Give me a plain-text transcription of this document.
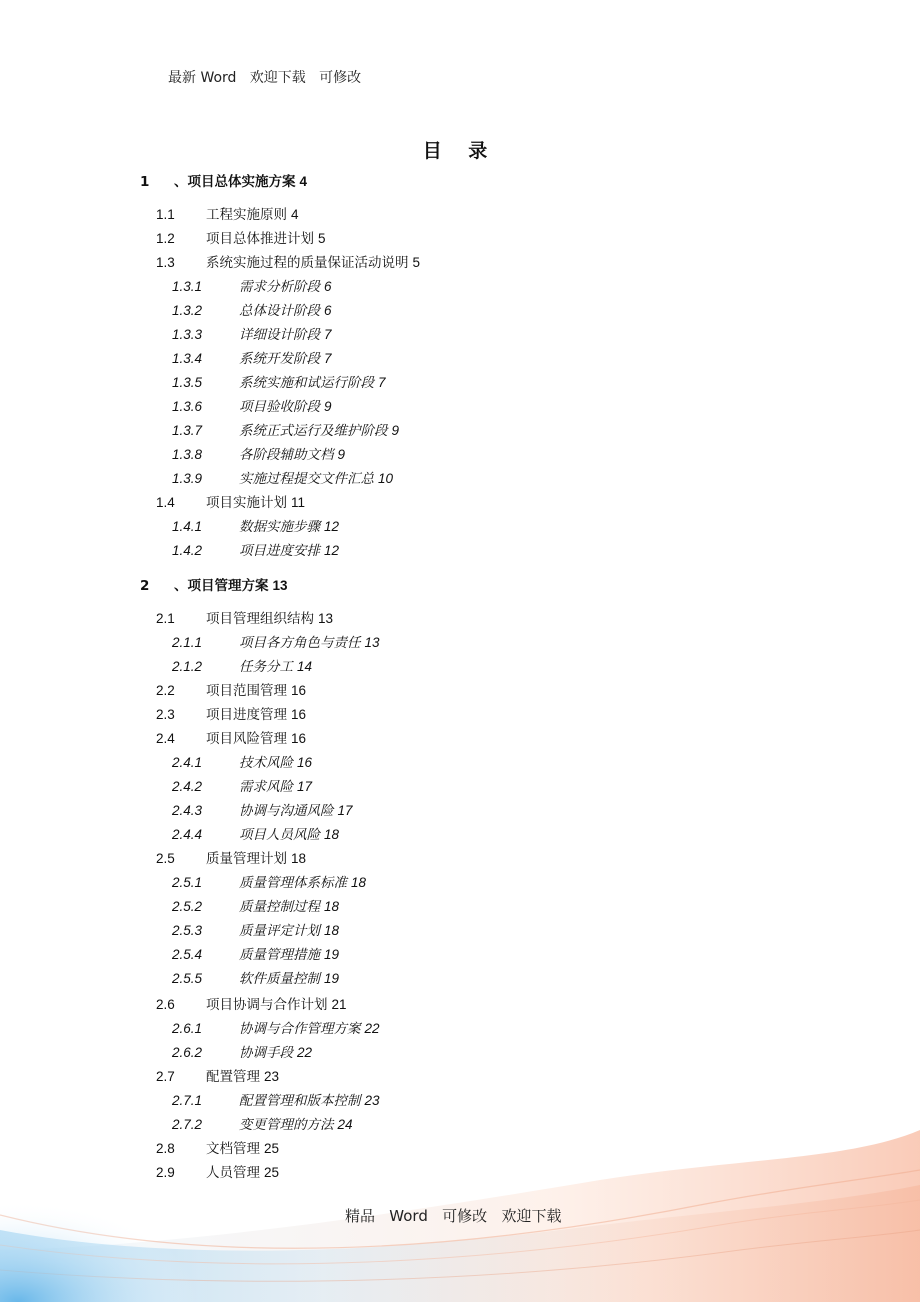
最新 Word   欢迎下载   可修改
目 录
1	、项目总体实施方案 4
1.1	工程实施原则 4
1.2	项目总体推进计划 5
1.3	系统实施过程的质量保证活动说明 5
1.3.1	需求分析阶段 6
1.3.2	总体设计阶段 6
1.3.3	详细设计阶段 7
1.3.4	系统开发阶段 7
1.3.5	系统实施和试运行阶段 7
1.3.6	项目验收阶段 9
1.3.7	系统正式运行及维护阶段 9
1.3.8	各阶段辅助文档 9
1.3.9	实施过程提交文件汇总 10
1.4	项目实施计划 11
1.4.1	数据实施步骤 12
1.4.2	项目进度安排 12
2	、项目管理方案 13
2.1	项目管理组织结构 13
2.1.1	项目各方角色与责任 13
2.1.2	任务分工 14
2.2	项目范围管理 16
2.3	项目进度管理 16
2.4	项目风险管理 16
2.4.1	技术风险 16
2.4.2	需求风险 17
2.4.3	协调与沟通风险 17
2.4.4	项目人员风险 18
2.5	质量管理计划 18
2.5.1	质量管理体系标准 18
2.5.2	质量控制过程 18
2.5.3	质量评定计划 18
2.5.4	质量管理措施 19
2.5.5	软件质量控制 19
2.6	项目协调与合作计划 21
2.6.1	协调与合作管理方案 22
2.6.2	协调手段 22
2.7	配置管理 23
2.7.1	配置管理和版本控制 23
2.7.2	变更管理的方法 24
2.8	文档管理 25
2.9	人员管理 25
精品   Word   可修改   欢迎下载
